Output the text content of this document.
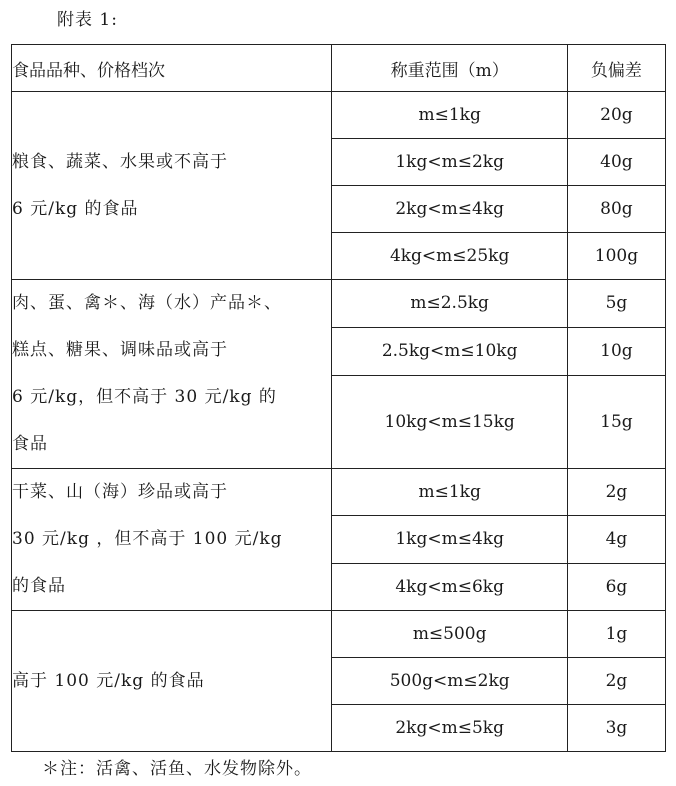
附表 1:
食品品种、价格档次	称重范围（m）	负偏差

粮食、蔬菜、水果或不高于
6 元/kg 的食品	m≤1kg	20g
	1kg<m≤2kg	40g
	2kg<m≤4kg	80g
	4kg<m≤25kg	100g

肉、蛋、禽＊、海（水）产品＊、
糕点、糖果、调味品或高于
6 元/kg，但不高于 30 元/kg 的
食品	m≤2.5kg	5g
	2.5kg<m≤10kg	10g
	10kg<m≤15kg	15g

干菜、山（海）珍品或高于
30 元/kg ，但不高于 100 元/kg
的食品	m≤1kg	2g
	1kg<m≤4kg	4g
	4kg<m≤6kg	6g

高于 100 元/kg 的食品	m≤500g	1g
	500g<m≤2kg	2g
	2kg<m≤5kg	3g
＊注：活禽、活鱼、水发物除外。
